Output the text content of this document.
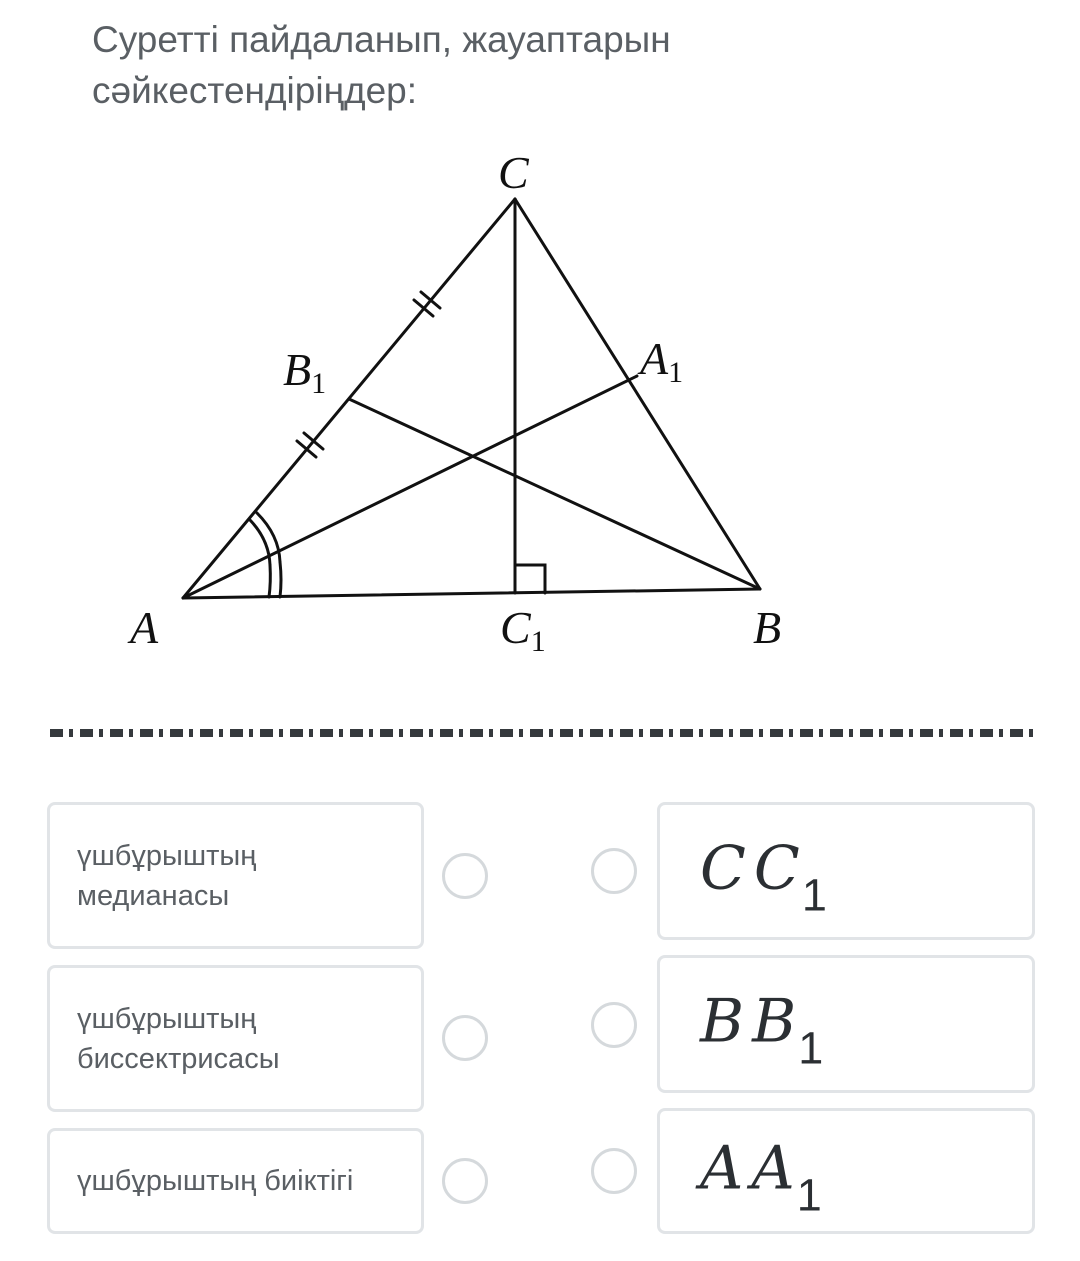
Суретті пайдаланып, жауаптарын
сәйкестендіріңдер:
C
A	B
A1
B1
C1
үшбұрыштың медианасы
үшбұрыштың биссектрисасы
үшбұрыштың биіктігі
C $C_1$
B $B_1$
A $A_1$
